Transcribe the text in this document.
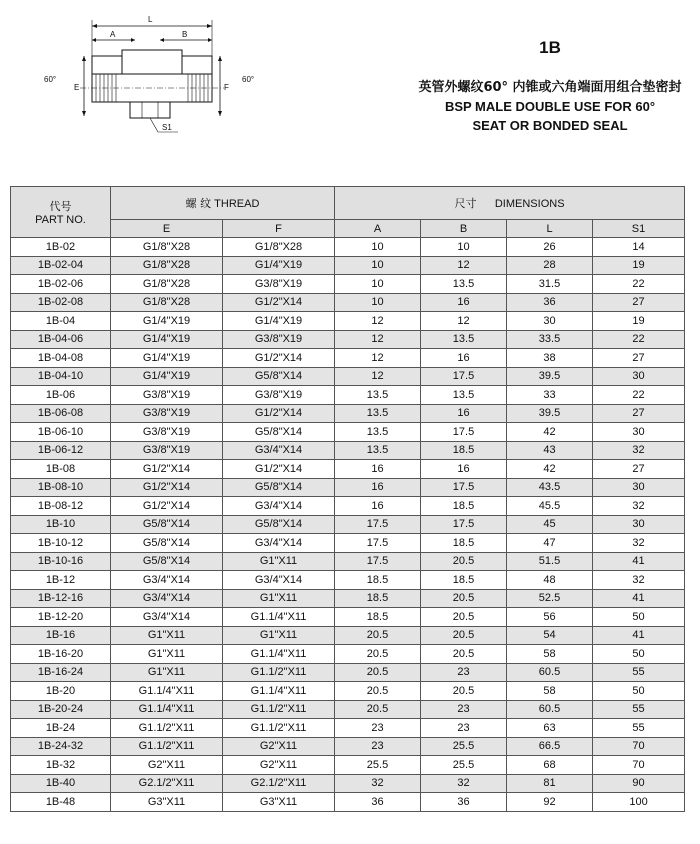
L
A	B
E
60°
F
60°
S1
1B
英管外螺纹60° 内锥或六角端面用组合垫密封
BSP MALE DOUBLE USE FOR 60°
SEAT OR BONDED SEAL
代号
PART NO.	螺 纹 THREAD		尺寸 DIMENSIONS			
	E	F	A	B	L	S1
1B-02	G1/8"X28	G1/8"X28	10	10	26	14
1B-02-04	G1/8"X28	G1/4"X19	10	12	28	19
1B-02-06	G1/8"X28	G3/8"X19	10	13.5	31.5	22
1B-02-08	G1/8"X28	G1/2"X14	10	16	36	27
1B-04	G1/4"X19	G1/4"X19	12	12	30	19
1B-04-06	G1/4"X19	G3/8"X19	12	13.5	33.5	22
1B-04-08	G1/4"X19	G1/2"X14	12	16	38	27
1B-04-10	G1/4"X19	G5/8"X14	12	17.5	39.5	30
1B-06	G3/8"X19	G3/8"X19	13.5	13.5	33	22
1B-06-08	G3/8"X19	G1/2"X14	13.5	16	39.5	27
1B-06-10	G3/8"X19	G5/8"X14	13.5	17.5	42	30
1B-06-12	G3/8"X19	G3/4"X14	13.5	18.5	43	32
1B-08	G1/2"X14	G1/2"X14	16	16	42	27
1B-08-10	G1/2"X14	G5/8"X14	16	17.5	43.5	30
1B-08-12	G1/2"X14	G3/4"X14	16	18.5	45.5	32
1B-10	G5/8"X14	G5/8"X14	17.5	17.5	45	30
1B-10-12	G5/8"X14	G3/4"X14	17.5	18.5	47	32
1B-10-16	G5/8"X14	G1"X11	17.5	20.5	51.5	41
1B-12	G3/4"X14	G3/4"X14	18.5	18.5	48	32
1B-12-16	G3/4"X14	G1"X11	18.5	20.5	52.5	41
1B-12-20	G3/4"X14	G1.1/4"X11	18.5	20.5	56	50
1B-16	G1"X11	G1"X11	20.5	20.5	54	41
1B-16-20	G1"X11	G1.1/4"X11	20.5	20.5	58	50
1B-16-24	G1"X11	G1.1/2"X11	20.5	23	60.5	55
1B-20	G1.1/4"X11	G1.1/4"X11	20.5	20.5	58	50
1B-20-24	G1.1/4"X11	G1.1/2"X11	20.5	23	60.5	55
1B-24	G1.1/2"X11	G1.1/2"X11	23	23	63	55
1B-24-32	G1.1/2"X11	G2"X11	23	25.5	66.5	70
1B-32	G2"X11	G2"X11	25.5	25.5	68	70
1B-40	G2.1/2"X11	G2.1/2"X11	32	32	81	90
1B-48	G3"X11	G3"X11	36	36	92	100
